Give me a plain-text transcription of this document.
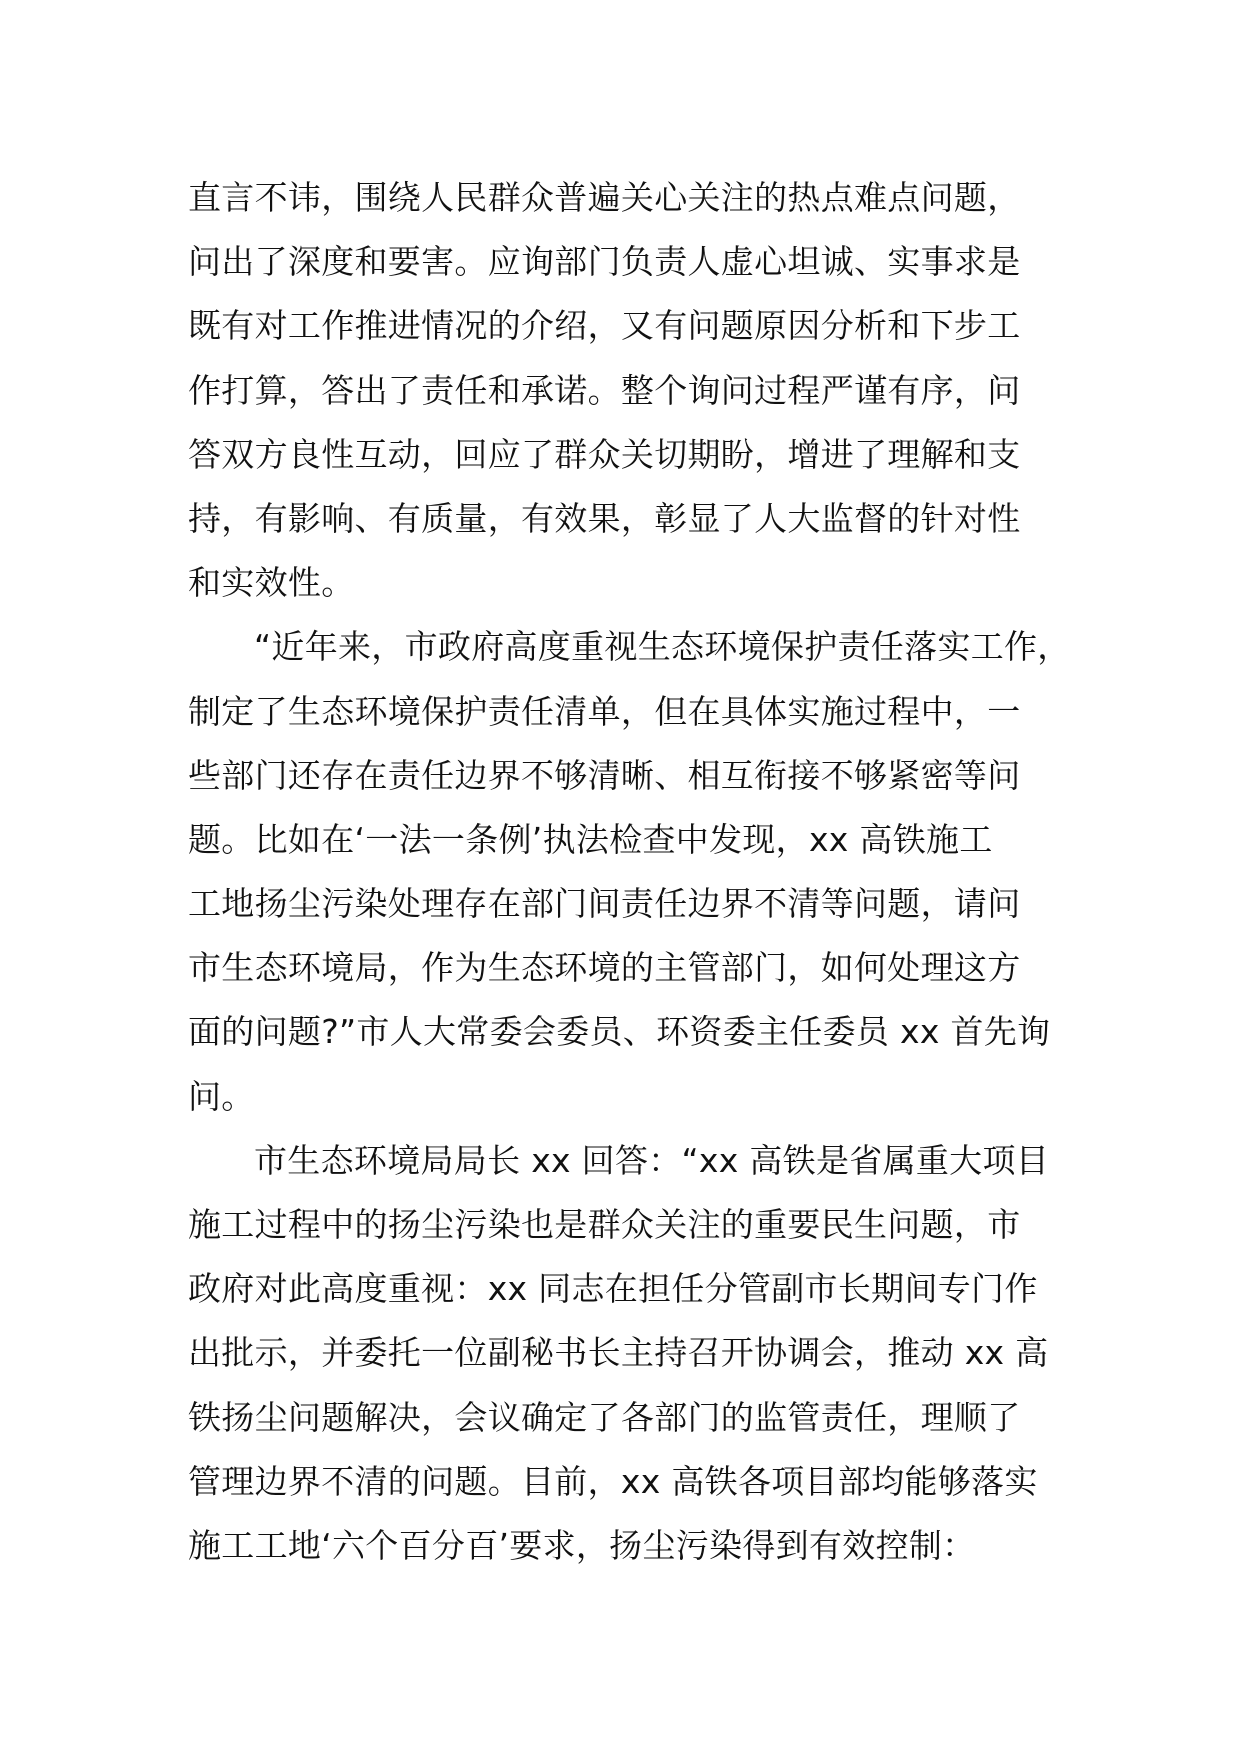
直言不讳，围绕人民群众普遍关心关注的热点难点问题，
问出了深度和要害。应询部门负责人虚心坦诚、实事求是
既有对工作推进情况的介绍，又有问题原因分析和下步工
作打算，答出了责任和承诺。整个询问过程严谨有序，问
答双方良性互动，回应了群众关切期盼，增进了理解和支
持，有影响、有质量，有效果，彰显了人大监督的针对性
和实效性。
“近年来，市政府高度重视生态环境保护责任落实工作，
制定了生态环境保护责任清单，但在具体实施过程中，一
些部门还存在责任边界不够清晰、相互衔接不够紧密等问
题。比如在‘一法一条例’执法检查中发现，xx 高铁施工
工地扬尘污染处理存在部门间责任边界不清等问题，请问
市生态环境局，作为生态环境的主管部门，如何处理这方
面的问题?”市人大常委会委员、环资委主任委员 xx 首先询
问。
市生态环境局局长 xx 回答：“xx 高铁是省属重大项目
施工过程中的扬尘污染也是群众关注的重要民生问题，市
政府对此高度重视：xx 同志在担任分管副市长期间专门作
出批示，并委托一位副秘书长主持召开协调会，推动 xx 高
铁扬尘问题解决，会议确定了各部门的监管责任，理顺了
管理边界不清的问题。目前，xx 高铁各项目部均能够落实
施工工地‘六个百分百’要求，扬尘污染得到有效控制：
